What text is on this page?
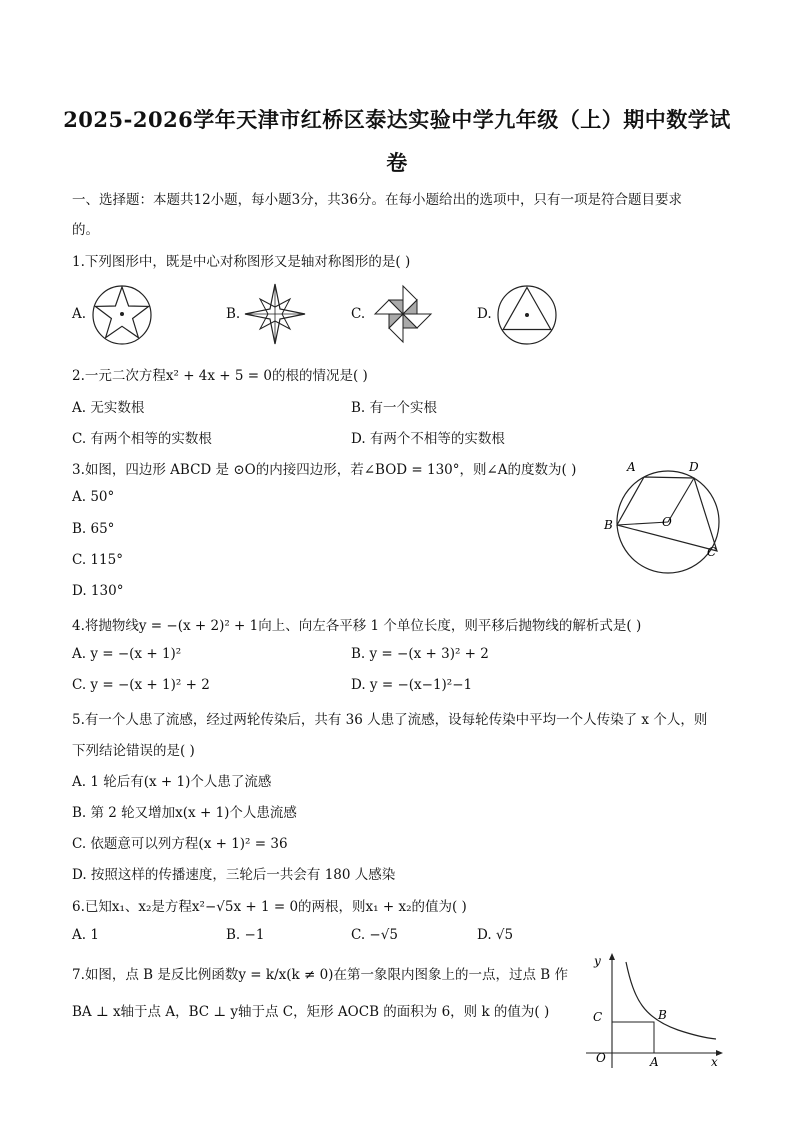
2025-2026学年天津市红桥区泰达实验中学九年级（上）期中数学试
卷
一、选择题：本题共12小题，每小题3分，共36分。在每小题给出的选项中，只有一项是符合题目要求
的。
1.下列图形中，既是中心对称图形又是轴对称图形的是( )
A.	B.	C.	D.
2.一元二次方程x² + 4x + 5 = 0的根的情况是( )
A. 无实数根	B. 有一个实根
C. 有两个相等的实数根	D. 有两个不相等的实数根
3.如图，四边形 ABCD 是 ⊙O的内接四边形，若∠BOD = 130°，则∠A的度数为( )
A. 50°
B. 65°
C. 115°
D. 130°
A	D
B	O
C
4.将抛物线y = −(x + 2)² + 1向上、向左各平移 1 个单位长度，则平移后抛物线的解析式是( )
A. y = −(x + 1)²	B. y = −(x + 3)² + 2
C. y = −(x + 1)² + 2	D. y = −(x−1)²−1
5.有一个人患了流感，经过两轮传染后，共有 36 人患了流感，设每轮传染中平均一个人传染了 x 个人，则
下列结论错误的是( )
A. 1 轮后有(x + 1)个人患了流感
B. 第 2 轮又增加x(x + 1)个人患流感
C. 依题意可以列方程(x + 1)² = 36
D. 按照这样的传播速度，三轮后一共会有 180 人感染
6.已知x₁、x₂是方程x²−√5x + 1 = 0的两根，则x₁ + x₂的值为( )
A. 1	B. −1	C. −√5	D. √5
7.如图，点 B 是反比例函数y = k/x(k ≠ 0)在第一象限内图象上的一点，过点 B 作
BA ⊥ x轴于点 A，BC ⊥ y轴于点 C，矩形 AOCB 的面积为 6，则 k 的值为( )
y
x
O
C	B
A
